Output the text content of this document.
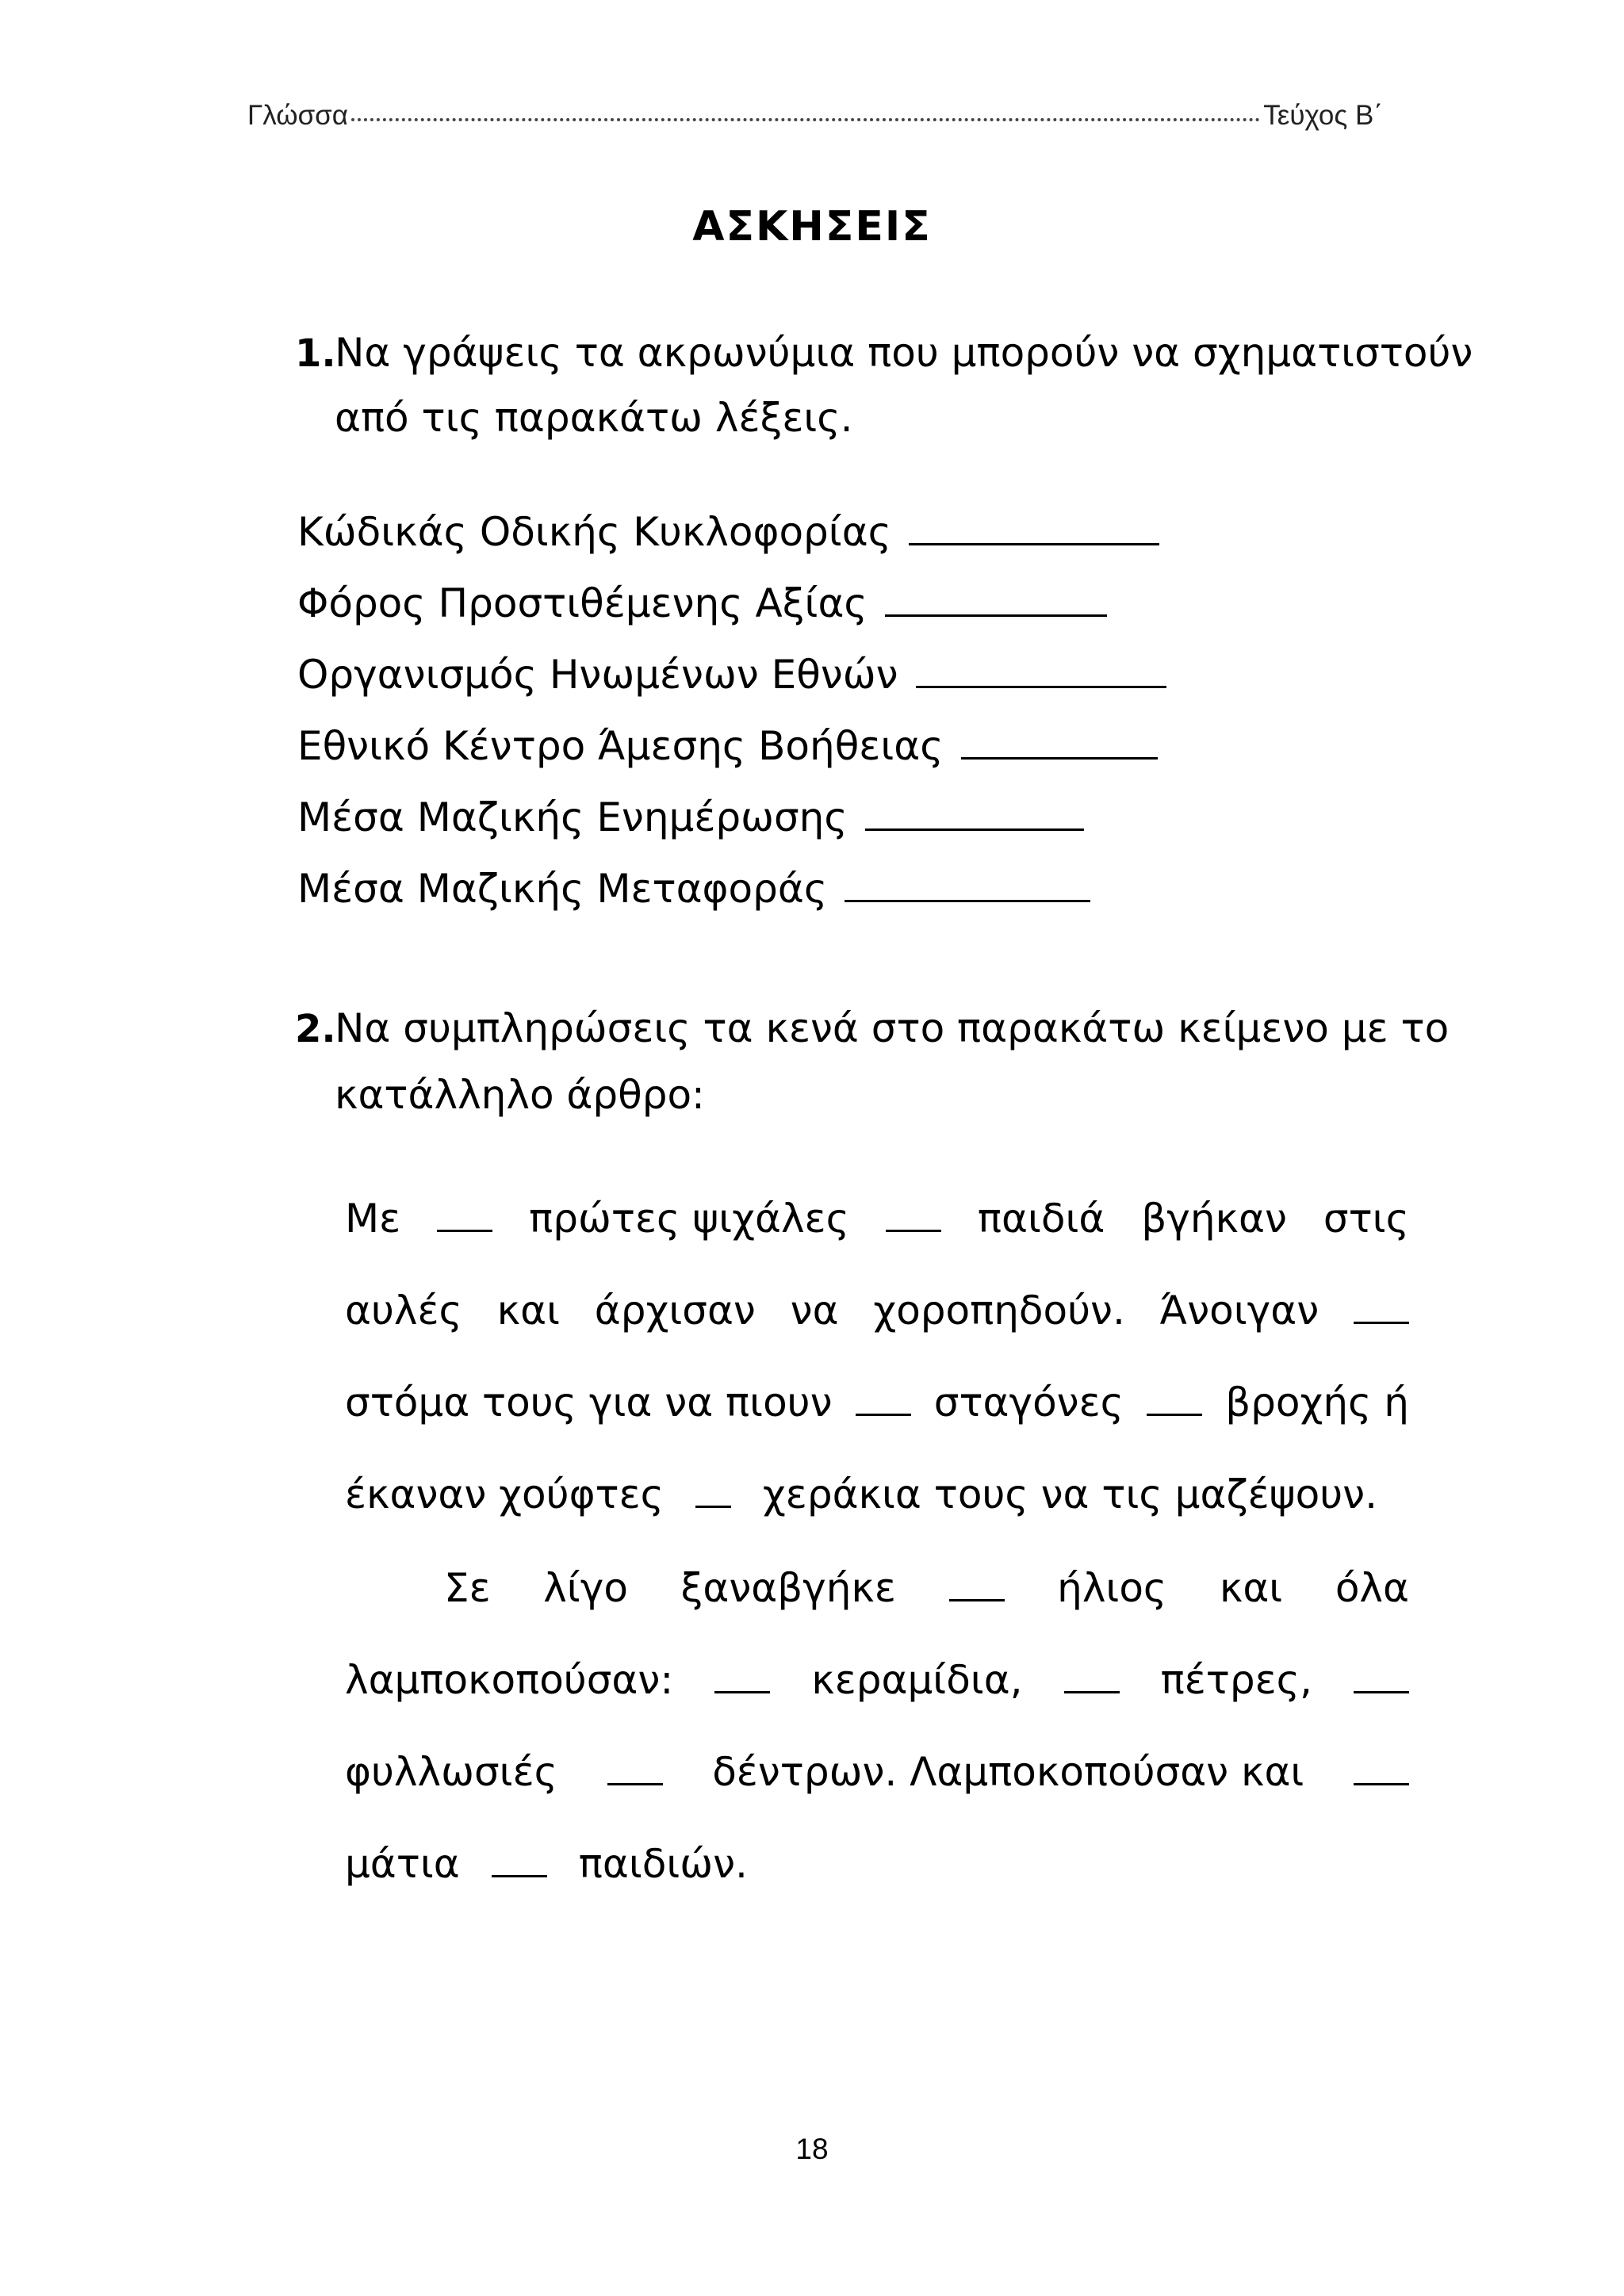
Γλώσσα	Τεύχος Β΄
ΑΣΚΗΣΕΙΣ
1.
Να γράψεις τα ακρωνύμια που μπορούν να σχηματιστούν
από τις παρακάτω λέξεις.
Κώδικάς Οδικής Κυκλοφορίας
Φόρος Προστιθέμενης Αξίας
Οργανισμός Ηνωμένων Εθνών
Εθνικό Κέντρο Άμεσης Βοήθειας
Μέσα Μαζικής Ενημέρωσης
Μέσα Μαζικής Μεταφοράς
2.
Να συμπληρώσεις τα κενά στο παρακάτω κείμενο με το
κατάλληλο άρθρο:
Με	πρώτες ψιχάλες	παιδιά βγήκαν στις
αυλές και άρχισαν να χοροπηδούν. Άνοιγαν
στόμα τους για να πιουν	σταγόνες	βροχής ή
έκαναν χούφτες χεράκια τους να τις μαζέψουν.
Σε λίγο ξαναβγήκε	ήλιος και όλα
λαμποκοπούσαν:	κεραμίδια,	πέτρες,
φυλλωσιές	δέντρων. Λαμποκοπούσαν και
μάτια	παιδιών.
18
